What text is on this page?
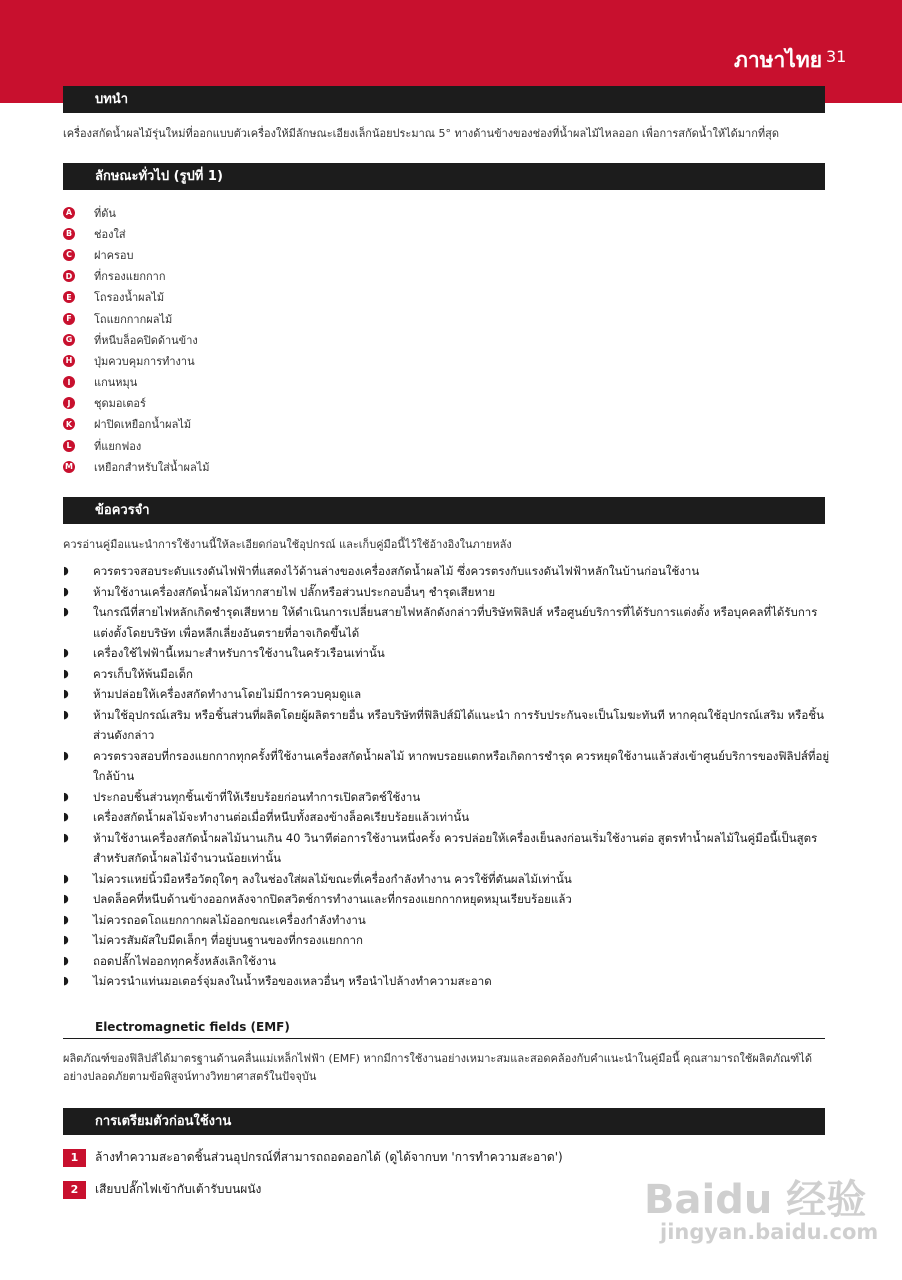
ภาษาไทย 31
บทนำ
เครื่องสกัดน้ำผลไม้รุ่นใหม่ที่ออกแบบตัวเครื่องให้มีลักษณะเอียงเล็กน้อยประมาณ 5° ทางด้านข้างของช่องที่น้ำผลไม้ไหลออก เพื่อการสกัดน้ำให้ได้มากที่สุด
ลักษณะทั่วไป (รูปที่ 1)
A ที่ดัน
B ช่องใส่
C ฝาครอบ
D ที่กรองแยกกาก
E โถรองน้ำผลไม้
F โถแยกกากผลไม้
G ที่หนีบล็อคปิดด้านข้าง
H ปุ่มควบคุมการทำงาน
I	แกนหมุน
J	ชุดมอเตอร์
K ฝาปิดเหยือกน้ำผลไม้
L	ที่แยกฟอง
M เหยือกสำหรับใส่น้ำผลไม้
ข้อควรจำ
ควรอ่านคู่มือแนะนำการใช้งานนี้ให้ละเอียดก่อนใช้อุปกรณ์ และเก็บคู่มือนี้ไว้ใช้อ้างอิงในภายหลัง
◗ ควรตรวจสอบระดับแรงดันไฟฟ้าที่แสดงไว้ด้านล่างของเครื่องสกัดน้ำผลไม้ ซึ่งควรตรงกับแรงดันไฟฟ้าหลักในบ้านก่อนใช้งาน
◗ ห้ามใช้งานเครื่องสกัดน้ำผลไม้หากสายไฟ ปลั๊กหรือส่วนประกอบอื่นๆ ชำรุดเสียหาย
◗ ในกรณีที่สายไฟหลักเกิดชำรุดเสียหาย ให้ดำเนินการเปลี่ยนสายไฟหลักดังกล่าวที่บริษัทฟิลิปส์ หรือศูนย์บริการที่ได้รับการแต่งตั้ง หรือบุคคลที่ได้รับการแต่งตั้งโดยบริษัท เพื่อหลีกเลี่ยงอันตรายที่อาจเกิดขึ้นได้
◗ เครื่องใช้ไฟฟ้านี้เหมาะสำหรับการใช้งานในครัวเรือนเท่านั้น
◗ ควรเก็บให้พ้นมือเด็ก
◗ ห้ามปล่อยให้เครื่องสกัดทำงานโดยไม่มีการควบคุมดูแล
◗ ห้ามใช้อุปกรณ์เสริม หรือชิ้นส่วนที่ผลิตโดยผู้ผลิตรายอื่น หรือบริษัทที่ฟิลิปส์มิได้แนะนำ การรับประกันจะเป็นโมฆะทันที หากคุณใช้อุปกรณ์เสริม หรือชิ้นส่วนดังกล่าว
◗ ควรตรวจสอบที่กรองแยกกากทุกครั้งที่ใช้งานเครื่องสกัดน้ำผลไม้ หากพบรอยแตกหรือเกิดการชำรุด ควรหยุดใช้งานแล้วส่งเข้าศูนย์บริการของฟิลิปส์ที่อยู่ใกล้บ้าน
◗ ประกอบชิ้นส่วนทุกชิ้นเข้าที่ให้เรียบร้อยก่อนทำการเปิดสวิตช์ใช้งาน
◗ เครื่องสกัดน้ำผลไม้จะทำงานต่อเมื่อที่หนีบทั้งสองข้างล็อคเรียบร้อยแล้วเท่านั้น
◗ ห้ามใช้งานเครื่องสกัดน้ำผลไม้นานเกิน 40 วินาทีต่อการใช้งานหนึ่งครั้ง ควรปล่อยให้เครื่องเย็นลงก่อนเริ่มใช้งานต่อ สูตรทำน้ำผลไม้ในคู่มือนี้เป็นสูตรสำหรับสกัดน้ำผลไม้จำนวนน้อยเท่านั้น
◗ ไม่ควรแหย่นิ้วมือหรือวัตถุใดๆ ลงในช่องใส่ผลไม้ขณะที่เครื่องกำลังทำงาน ควรใช้ที่ดันผลไม้เท่านั้น
◗ ปลดล็อคที่หนีบด้านข้างออกหลังจากปิดสวิตช์การทำงานและที่กรองแยกกากหยุดหมุนเรียบร้อยแล้ว
◗ ไม่ควรถอดโถแยกกากผลไม้ออกขณะเครื่องกำลังทำงาน
◗ ไม่ควรสัมผัสใบมีดเล็กๆ ที่อยู่บนฐานของที่กรองแยกกาก
◗ ถอดปลั๊กไฟออกทุกครั้งหลังเลิกใช้งาน
◗ ไม่ควรนำแท่นมอเตอร์จุ่มลงในน้ำหรือของเหลวอื่นๆ หรือนำไปล้างทำความสะอาด
Electromagnetic fields (EMF)
ผลิตภัณฑ์ของฟิลิปส์ได้มาตรฐานด้านคลื่นแม่เหล็กไฟฟ้า (EMF) หากมีการใช้งานอย่างเหมาะสมและสอดคล้องกับคำแนะนำในคู่มือนี้ คุณสามารถใช้ผลิตภัณฑ์ได้อย่างปลอดภัยตามข้อพิสูจน์ทางวิทยาศาสตร์ในปัจจุบัน
การเตรียมตัวก่อนใช้งาน
1	ล้างทำความสะอาดชิ้นส่วนอุปกรณ์ที่สามารถถอดออกได้ (ดูได้จากบท 'การทำความสะอาด')
2	เสียบปลั๊กไฟเข้ากับเต้ารับบนผนัง	Baidu 经验
jingyan.baidu.com
